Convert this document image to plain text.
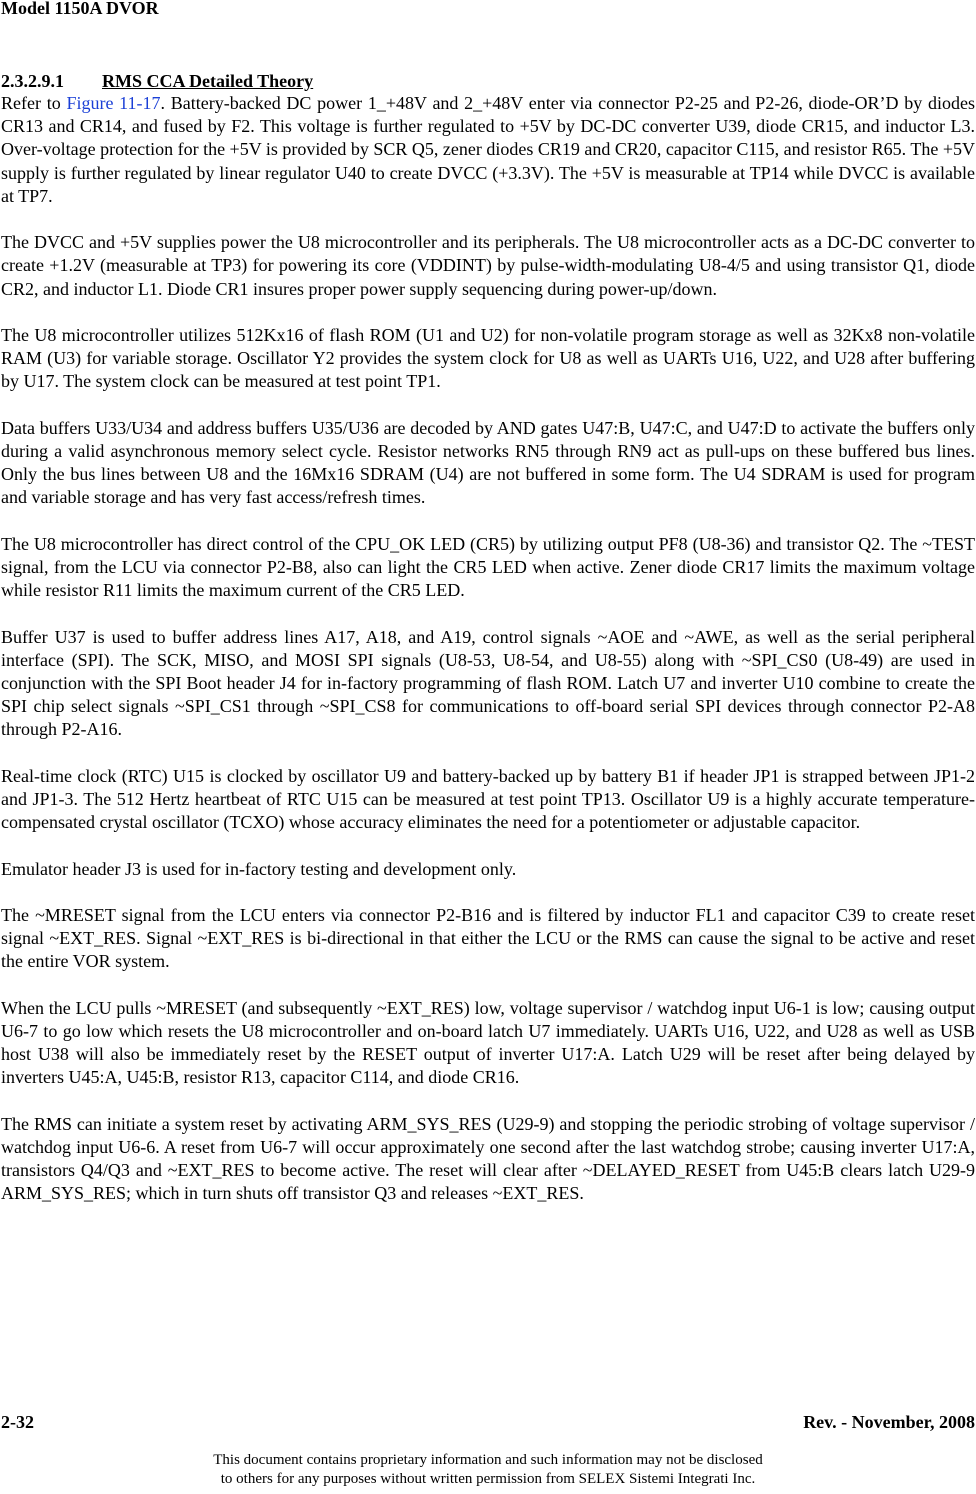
Model 1150A DVOR
2.3.2.9.1 RMS CCA Detailed Theory

Refer to Figure 11-17. Battery-backed DC power 1_+48V and 2_+48V enter via connector P2-25 and P2-26, diode-OR’D by diodes CR13 and CR14, and fused by F2. This voltage is further regulated to +5V by DC-DC converter U39, diode CR15, and inductor L3. Over-voltage protection for the +5V is provided by SCR Q5, zener diodes CR19 and CR20, capacitor C115, and resistor R65. The +5V supply is further regulated by linear regulator U40 to create DVCC (+3.3V). The +5V is measurable at TP14 while DVCC is available at TP7.

The DVCC and +5V supplies power the U8 microcontroller and its peripherals. The U8 microcontroller acts as a DC-DC converter to create +1.2V (measurable at TP3) for powering its core (VDDINT) by pulse-width-modulating U8-4/5 and using transistor Q1, diode CR2, and inductor L1. Diode CR1 insures proper power supply sequencing during power-up/down.

The U8 microcontroller utilizes 512Kx16 of flash ROM (U1 and U2) for non-volatile program storage as well as 32Kx8 non-volatile RAM (U3) for variable storage. Oscillator Y2 provides the system clock for U8 as well as UARTs U16, U22, and U28 after buffering by U17. The system clock can be measured at test point TP1.

Data buffers U33/U34 and address buffers U35/U36 are decoded by AND gates U47:B, U47:C, and U47:D to activate the buffers only during a valid asynchronous memory select cycle. Resistor networks RN5 through RN9 act as pull-ups on these buffered bus lines. Only the bus lines between U8 and the 16Mx16 SDRAM (U4) are not buffered in some form. The U4 SDRAM is used for program and variable storage and has very fast access/refresh times.

The U8 microcontroller has direct control of the CPU_OK LED (CR5) by utilizing output PF8 (U8-36) and transistor Q2. The ~TEST signal, from the LCU via connector P2-B8, also can light the CR5 LED when active. Zener diode CR17 limits the maximum voltage while resistor R11 limits the maximum current of the CR5 LED.

Buffer U37 is used to buffer address lines A17, A18, and A19, control signals ~AOE and ~AWE, as well as the serial peripheral interface (SPI). The SCK, MISO, and MOSI SPI signals (U8-53, U8-54, and U8-55) along with ~SPI_CS0 (U8-49) are used in conjunction with the SPI Boot header J4 for in-factory programming of flash ROM. Latch U7 and inverter U10 combine to create the SPI chip select signals ~SPI_CS1 through ~SPI_CS8 for communications to off-board serial SPI devices through connector P2-A8 through P2-A16.

Real-time clock (RTC) U15 is clocked by oscillator U9 and battery-backed up by battery B1 if header JP1 is strapped between JP1-2 and JP1-3. The 512 Hertz heartbeat of RTC U15 can be measured at test point TP13. Oscillator U9 is a highly accurate temperature-compensated crystal oscillator (TCXO) whose accuracy eliminates the need for a potentiometer or adjustable capacitor.

Emulator header J3 is used for in-factory testing and development only.

The ~MRESET signal from the LCU enters via connector P2-B16 and is filtered by inductor FL1 and capacitor C39 to create reset signal ~EXT_RES. Signal ~EXT_RES is bi-directional in that either the LCU or the RMS can cause the signal to be active and reset the entire VOR system.

When the LCU pulls ~MRESET (and subsequently ~EXT_RES) low, voltage supervisor / watchdog input U6-1 is low; causing output U6-7 to go low which resets the U8 microcontroller and on-board latch U7 immediately. UARTs U16, U22, and U28 as well as USB host U38 will also be immediately reset by the RESET output of inverter U17:A. Latch U29 will be reset after being delayed by inverters U45:A, U45:B, resistor R13, capacitor C114, and diode CR16.

The RMS can initiate a system reset by activating ARM_SYS_RES (U29-9) and stopping the periodic strobing of voltage supervisor / watchdog input U6-6. A reset from U6-7 will occur approximately one second after the last watchdog strobe; causing inverter U17:A, transistors Q4/Q3 and ~EXT_RES to become active. The reset will clear after ~DELAYED_RESET from U45:B clears latch U29-9 ARM_SYS_RES; which in turn shuts off transistor Q3 and releases ~EXT_RES.

2-32	Rev. - November, 2008
This document contains proprietary information and such information may not be disclosed
to others for any purposes without written permission from SELEX Sistemi Integrati Inc.
